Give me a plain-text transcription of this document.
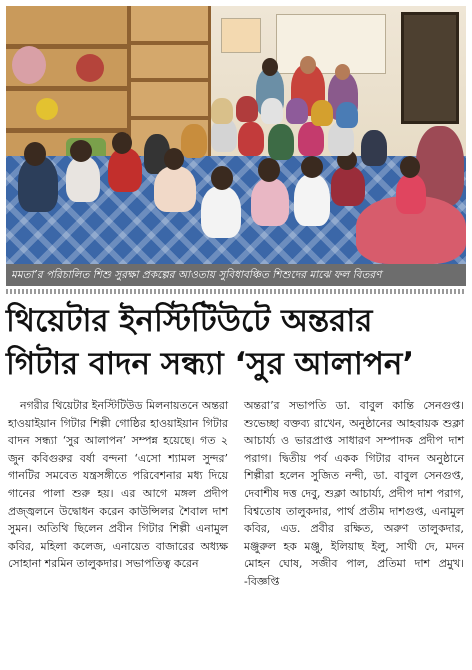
মমতা’র পরিচালিত শিশু সুরক্ষা প্রকল্পের আওতায় সুবিধাবঞ্চিত শিশুদের মাঝে ফল বিতরণ
থিয়েটার ইনস্টিটিউটে অন্তরার
গিটার বাদন সন্ধ্যা ‘সুর আলাপন’

নগরীর থিয়েটার ইনস্টিটিউড মিলনায়তনে অন্তরা হাওয়াইয়ান গিটার শিল্পী গোষ্ঠির হাওয়াইয়ান গিটার বাদন সন্ধ্যা ‘সুর আলাপন’ সম্পন্ন হয়েছে। গত ২ জুন কবিগুরুর বর্ষা বন্দনা ‘এসো শ্যামল সুন্দর’ গানটির সমবেত যন্ত্রসঙ্গীতে পরিবেশনার মধ্য দিয়ে গানের পালা শুরু হয়। এর আগে মঙ্গল প্রদীপ প্রজ্জ্বলনে উদ্বোধন করেন কাউন্সিলর শৈবাল দাশ সুমন। অতিথি ছিলেন প্রবীন গিটার শিল্পী এনামুল কবির, মহিলা কলেজ, এনায়েত বাজারের অধ্যক্ষ সোহানা শরমিন তালুকদার। সভাপতিত্ব করেন

অন্তরা’র সভাপতি ডা. বাবুল কান্তি সেনগুপ্ত। শুভেচ্ছা বক্তব্য রাখেন, অনুষ্ঠানের আহবায়ক শুক্লা আচার্য্য ও ভারপ্রাপ্ত সাধারণ সম্পাদক প্রদীপ দাশ পরাগ। দ্বিতীয় পর্ব একক গিটার বাদন অনুষ্ঠানে শিল্পীরা হলেন সুজিত নন্দী, ডা. বাবুল সেনগুপ্ত, দেবাশীষ দত্ত দেবু, শুক্লা আচার্য্য, প্রদীপ দাশ পরাগ, বিশ্বতোষ তালুকদার, পার্থ প্রতীম দাশগুপ্ত, এনামুল কবির, এড. প্রবীর রক্ষিত, অরুণ তালুকদার, মঞ্জুরুল হক মঞ্জু, ইলিয়াছ ইলু, সাথী দে, মদন মোহন ঘোষ, সজীব পাল, প্রতিমা দাশ প্রমুখ। -বিজ্ঞপ্তি
